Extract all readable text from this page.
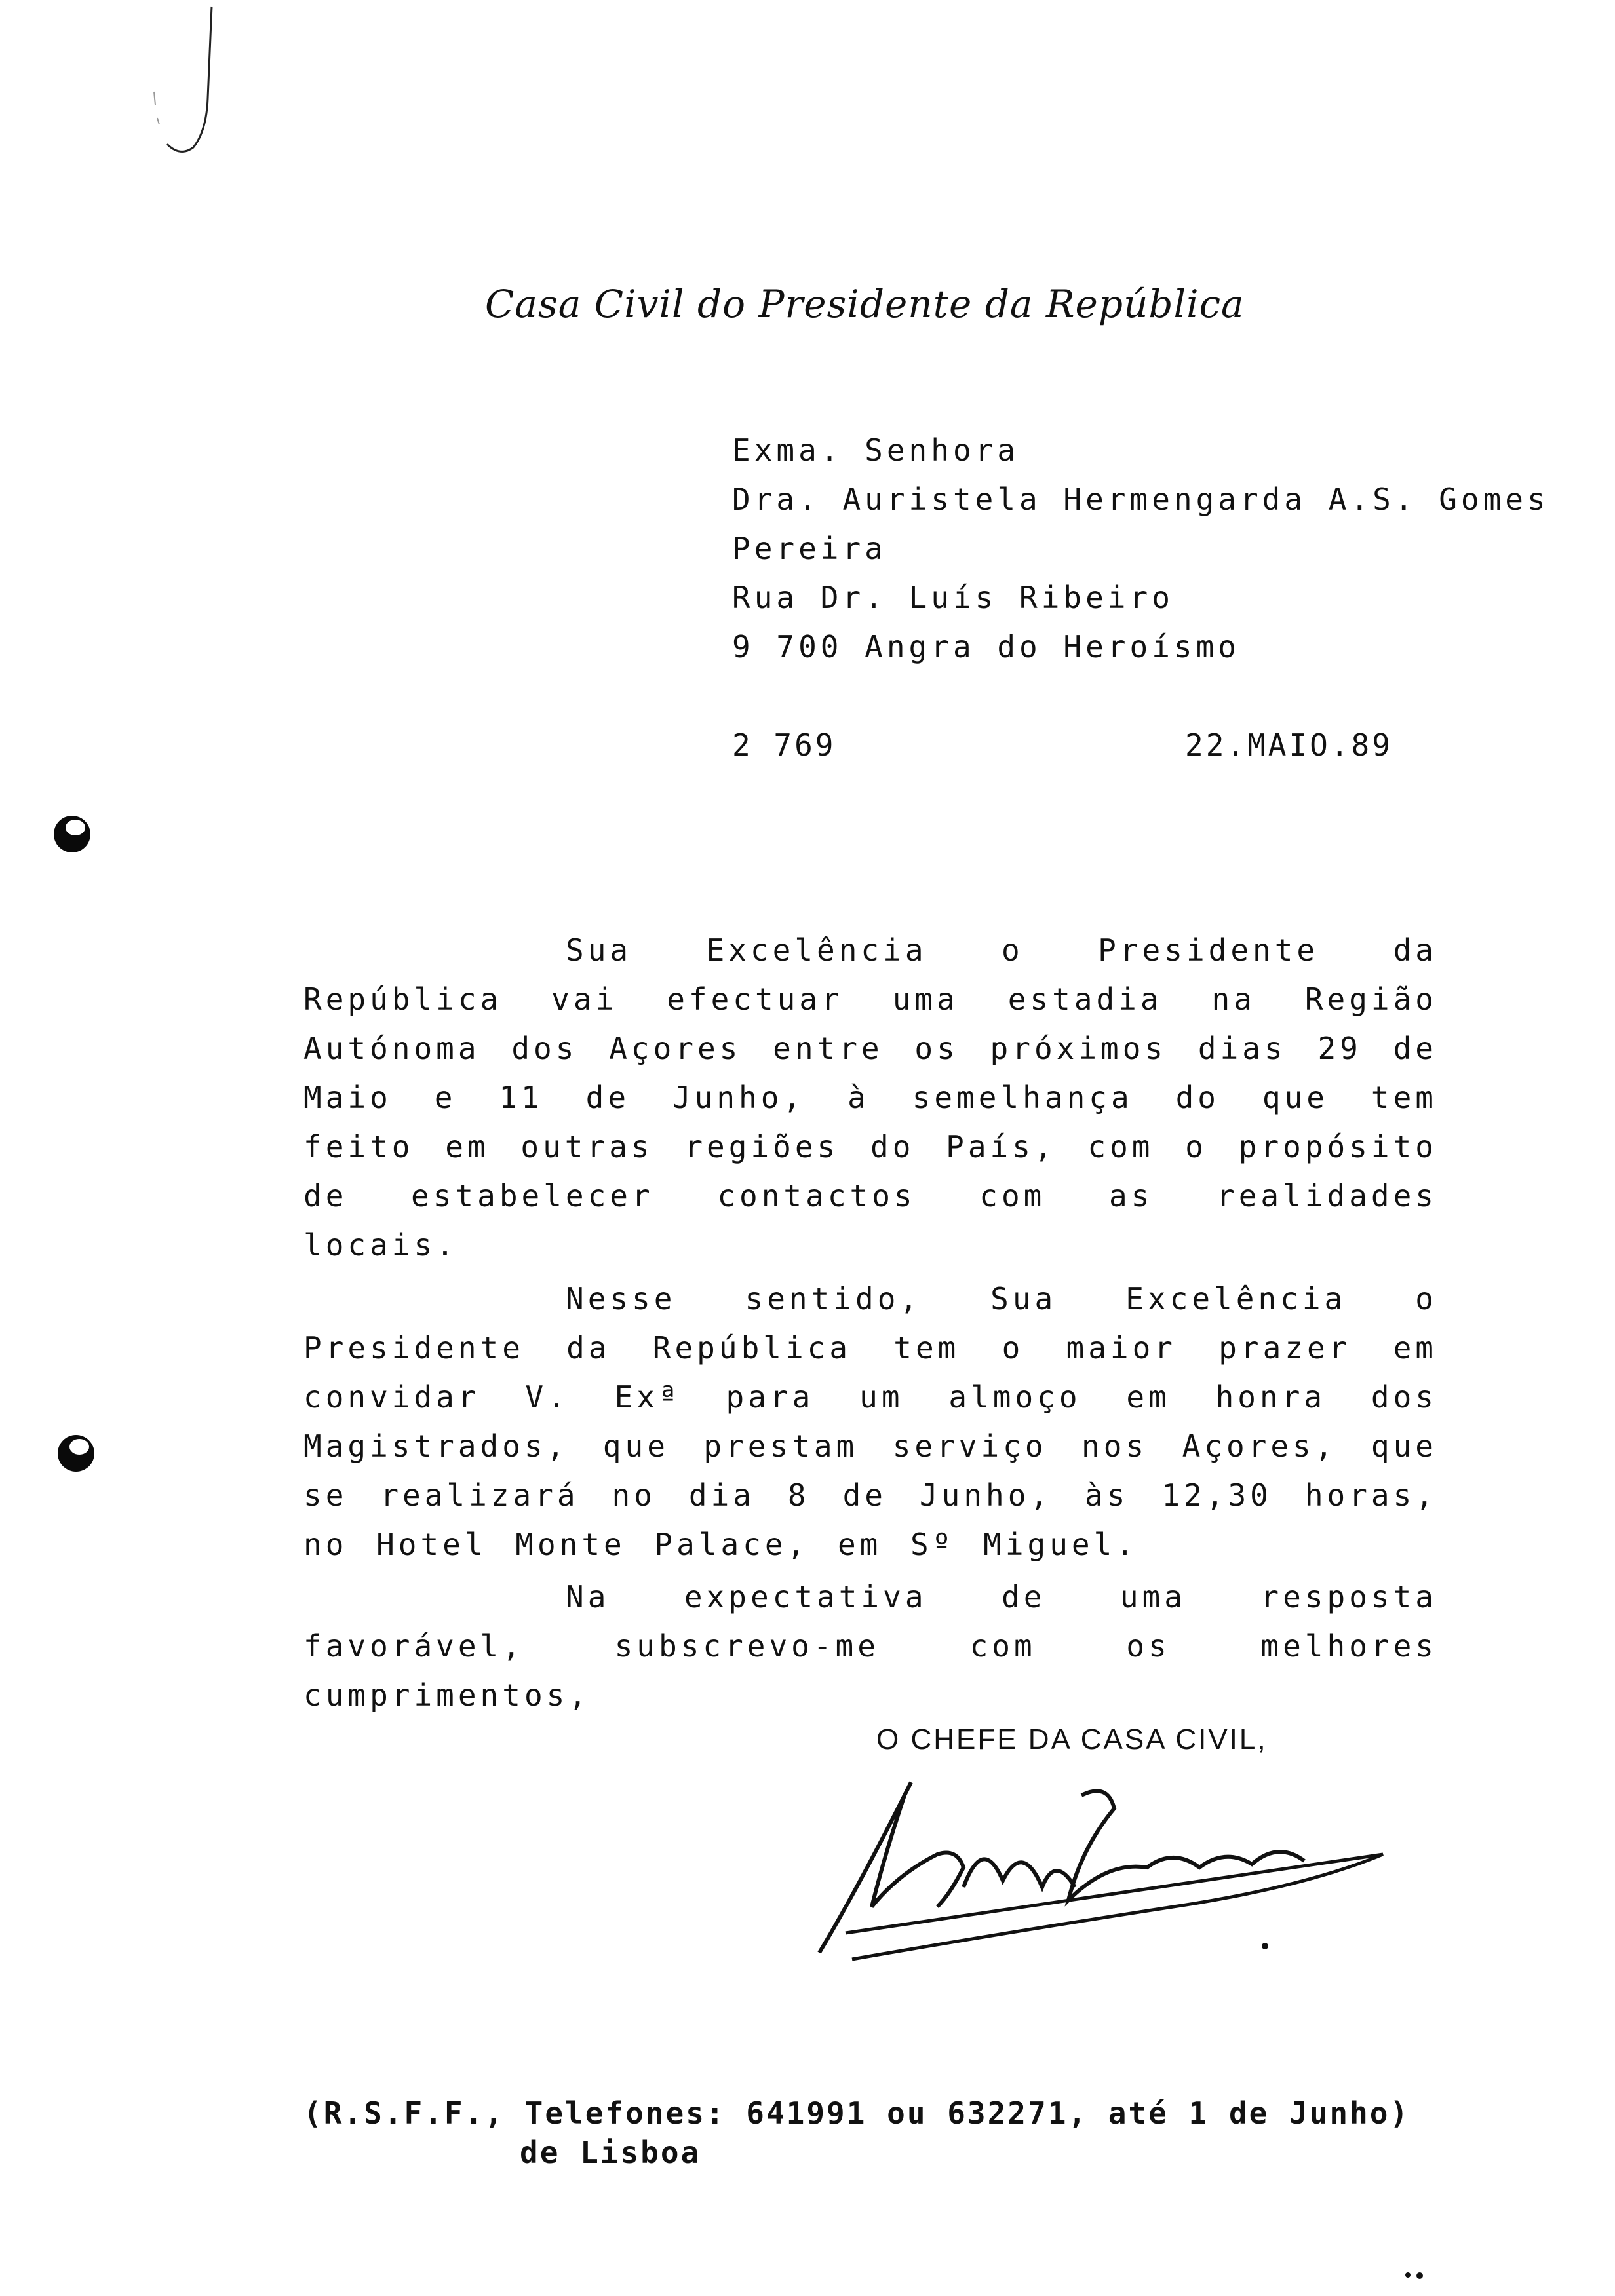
Casa Civil do Presidente da República
Exma. Senhora
Dra. Auristela Hermengarda A.S. Gomes
Pereira
Rua Dr. Luís Ribeiro
9 700 Angra do Heroísmo
2 769	22.MAIO.89
Sua Excelência o Presidente da República vai efectuar uma estadia na Região Autónoma dos Açores entre os próximos dias 29 de Maio e 11 de Junho, à semelhança do que tem feito em outras regiões do País, com o propósito de estabelecer contactos com as realidades locais.
Nesse sentido, Sua Excelência o Presidente da República tem o maior prazer em convidar V. Exª para um almoço em honra dos Magistrados, que prestam serviço nos Açores, que se realizará no dia 8 de Junho, às 12,30 horas, no Hotel Monte Palace, em Sº Miguel.
Na expectativa de uma resposta favorável, subscrevo-me com os melhores cumprimentos,
O CHEFE DA CASA CIVIL,
(R.S.F.F., Telefones: 641991 ou 632271, até 1 de Junho)
de Lisboa
